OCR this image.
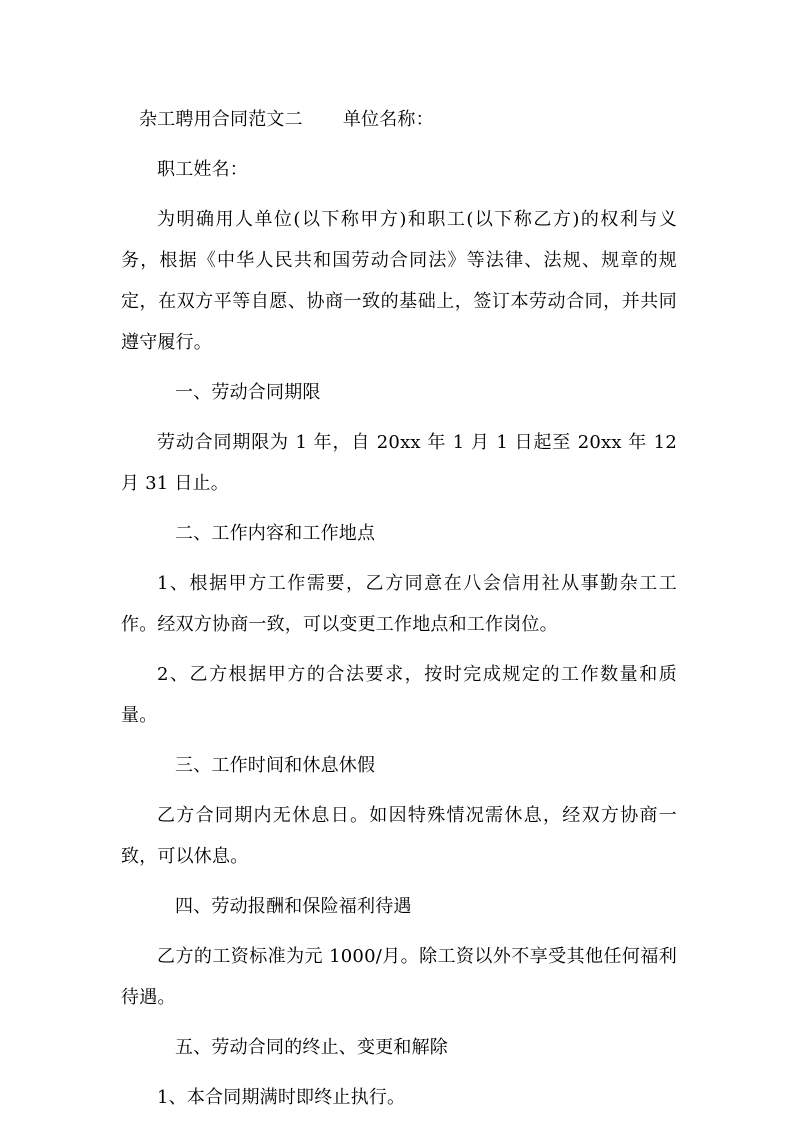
杂工聘用合同范文二 单位名称：

职工姓名：

为明确用人单位(以下称甲方)和职工(以下称乙方)的权利与义务，根据《中华人民共和国劳动合同法》等法律、法规、规章的规定，在双方平等自愿、协商一致的基础上，签订本劳动合同，并共同遵守履行。

一、劳动合同期限

劳动合同期限为 1 年，自 20xx 年 1 月 1 日起至 20xx 年 12 月 31 日止。

二、工作内容和工作地点

1、根据甲方工作需要，乙方同意在八会信用社从事勤杂工工作。经双方协商一致，可以变更工作地点和工作岗位。

2、乙方根据甲方的合法要求，按时完成规定的工作数量和质量。

三、工作时间和休息休假

乙方合同期内无休息日。如因特殊情况需休息，经双方协商一致，可以休息。

四、劳动报酬和保险福利待遇

乙方的工资标准为元 1000/月。除工资以外不享受其他任何福利待遇。

五、劳动合同的终止、变更和解除

1、本合同期满时即终止执行。
